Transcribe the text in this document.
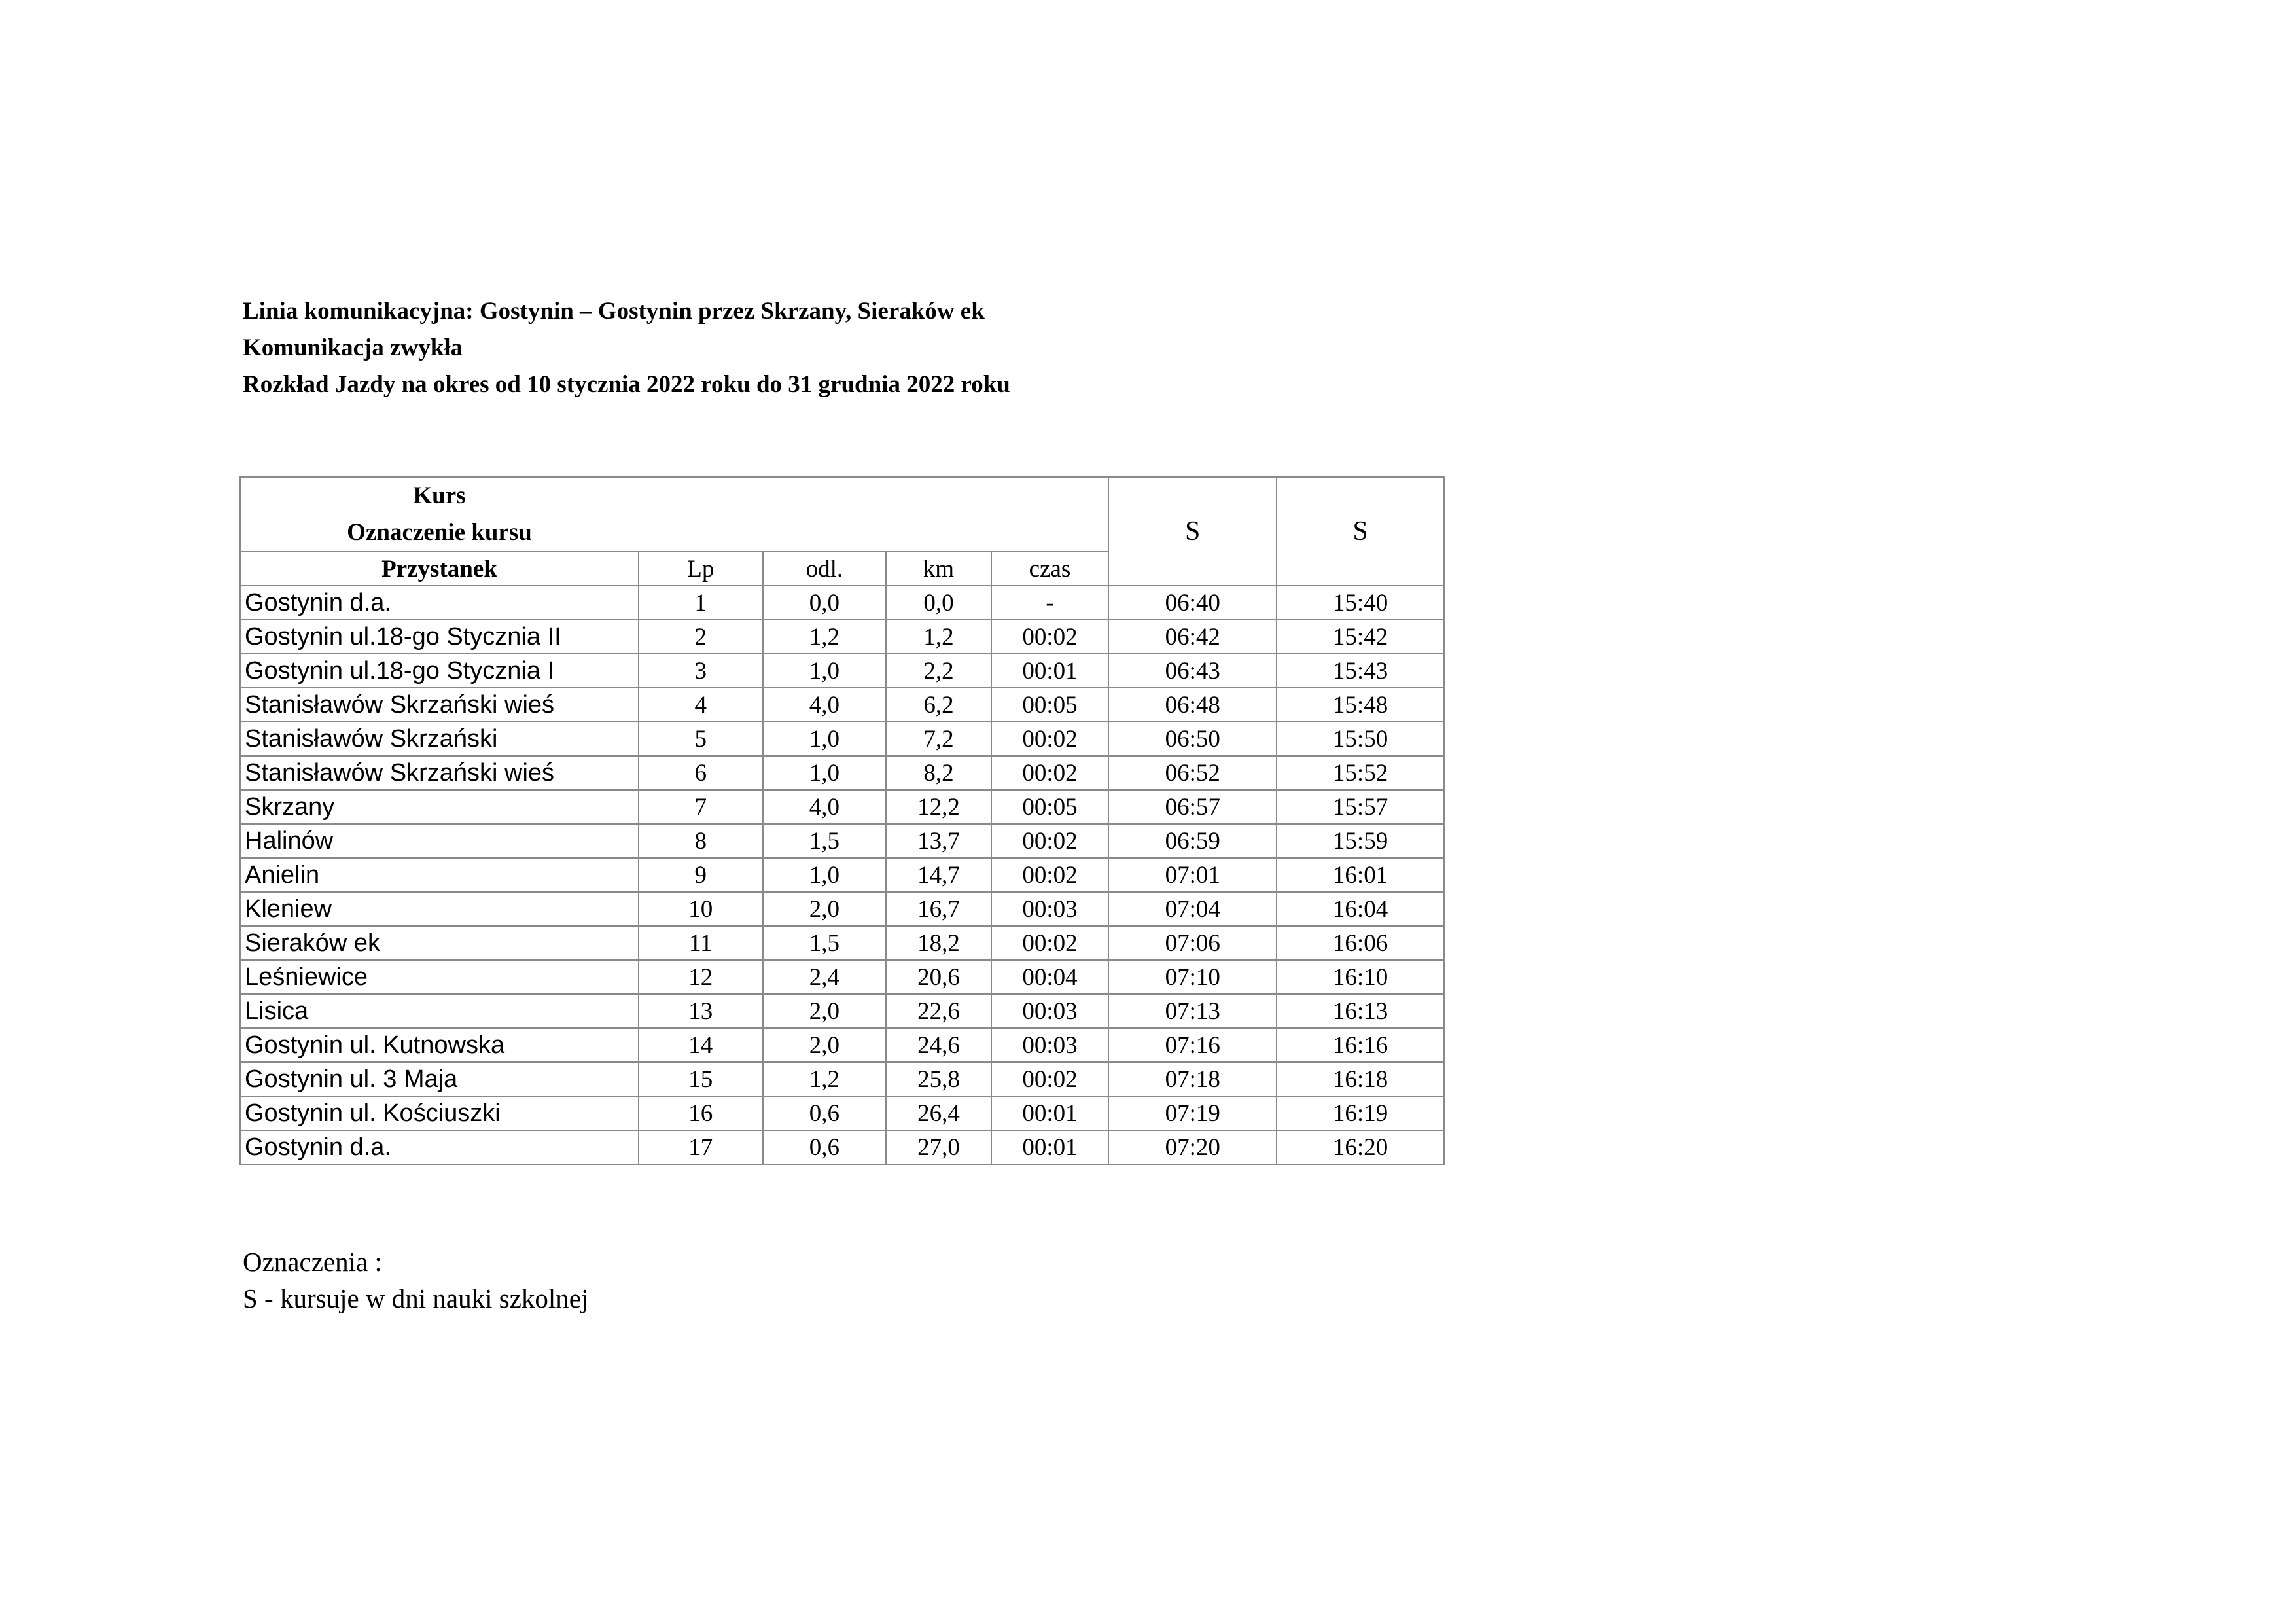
Linia komunikacyjna: Gostynin – Gostynin przez Skrzany, Sieraków ek
Komunikacja zwykła
Rozkład Jazdy na okres od 10 stycznia 2022 roku do 31 grudnia 2022 roku
Kurs
Oznaczenie kursu					S	S
Przystanek	Lp	odl.	km	czas		
Gostynin d.a.	1	0,0	0,0	-	06:40	15:40
Gostynin ul.18-go Stycznia II	2	1,2	1,2	00:02	06:42	15:42
Gostynin ul.18-go Stycznia I	3	1,0	2,2	00:01	06:43	15:43
Stanisławów Skrzański wieś	4	4,0	6,2	00:05	06:48	15:48
Stanisławów Skrzański	5	1,0	7,2	00:02	06:50	15:50
Stanisławów Skrzański wieś	6	1,0	8,2	00:02	06:52	15:52
Skrzany	7	4,0	12,2	00:05	06:57	15:57
Halinów	8	1,5	13,7	00:02	06:59	15:59
Anielin	9	1,0	14,7	00:02	07:01	16:01
Kleniew	10	2,0	16,7	00:03	07:04	16:04
Sieraków ek	11	1,5	18,2	00:02	07:06	16:06
Leśniewice	12	2,4	20,6	00:04	07:10	16:10
Lisica	13	2,0	22,6	00:03	07:13	16:13
Gostynin ul. Kutnowska	14	2,0	24,6	00:03	07:16	16:16
Gostynin ul. 3 Maja	15	1,2	25,8	00:02	07:18	16:18
Gostynin ul. Kościuszki	16	0,6	26,4	00:01	07:19	16:19
Gostynin d.a.	17	0,6	27,0	00:01	07:20	16:20
Oznaczenia :
S - kursuje w dni nauki szkolnej
